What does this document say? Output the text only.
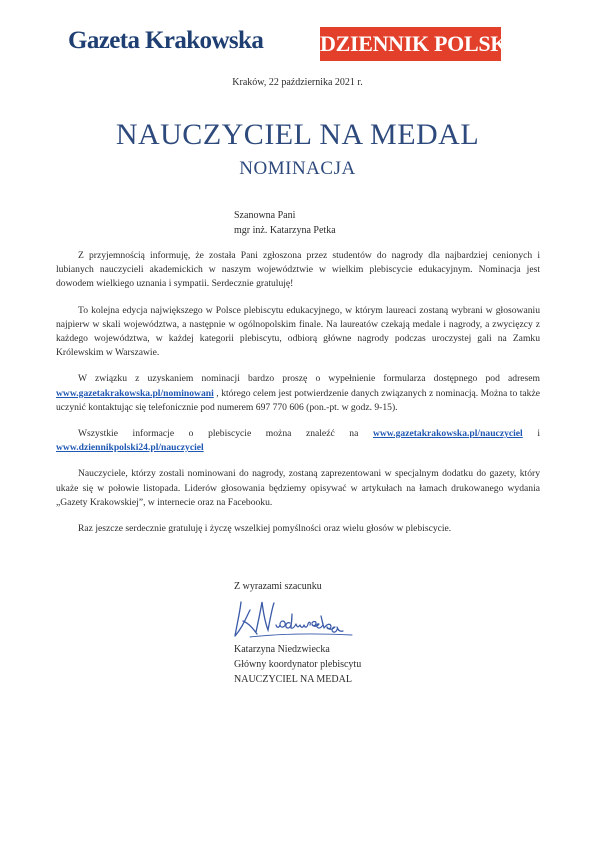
Gazeta Krakowska	DZIENNIK POLSKI
Kraków, 22 października 2021 r.
NAUCZYCIEL NA MEDAL
NOMINACJA
Szanowna Pani
mgr inż. Katarzyna Petka

Z przyjemnością informuję, że została Pani zgłoszona przez studentów do nagrody dla najbardziej cenionych i lubianych nauczycieli akademickich w naszym województwie w wielkim plebiscycie edukacyjnym. Nominacja jest dowodem wielkiego uznania i sympatii. Serdecznie gratuluję!

To kolejna edycja największego w Polsce plebiscytu edukacyjnego, w którym laureaci zostaną wybrani w głosowaniu najpierw w skali województwa, a następnie w ogólnopolskim finale. Na laureatów czekają medale i nagrody, a zwycięzcy z każdego województwa, w każdej kategorii plebiscytu, odbiorą główne nagrody podczas uroczystej gali na Zamku Królewskim w Warszawie.

W związku z uzyskaniem nominacji bardzo proszę o wypełnienie formularza dostępnego pod adresem www.gazetakrakowska.pl/nominowani , którego celem jest potwierdzenie danych związanych z nominacją. Można to także uczynić kontaktując się telefonicznie pod numerem 697 770 606 (pon.-pt. w godz. 9-15).

Wszystkie informacje o plebiscycie można znaleźć na www.gazetakrakowska.pl/nauczyciel i www.dziennikpolski24.pl/nauczyciel

Nauczyciele, którzy zostali nominowani do nagrody, zostaną zaprezentowani w specjalnym dodatku do gazety, który ukaże się w połowie listopada. Liderów głosowania będziemy opisywać w artykułach na łamach drukowanego wydania „Gazety Krakowskiej”, w internecie oraz na Facebooku.

Raz jeszcze serdecznie gratuluję i życzę wszelkiej pomyślności oraz wielu głosów w plebiscycie.

Z wyrazami szacunku
Katarzyna Niedzwiecka
Główny koordynator plebiscytu
NAUCZYCIEL NA MEDAL
